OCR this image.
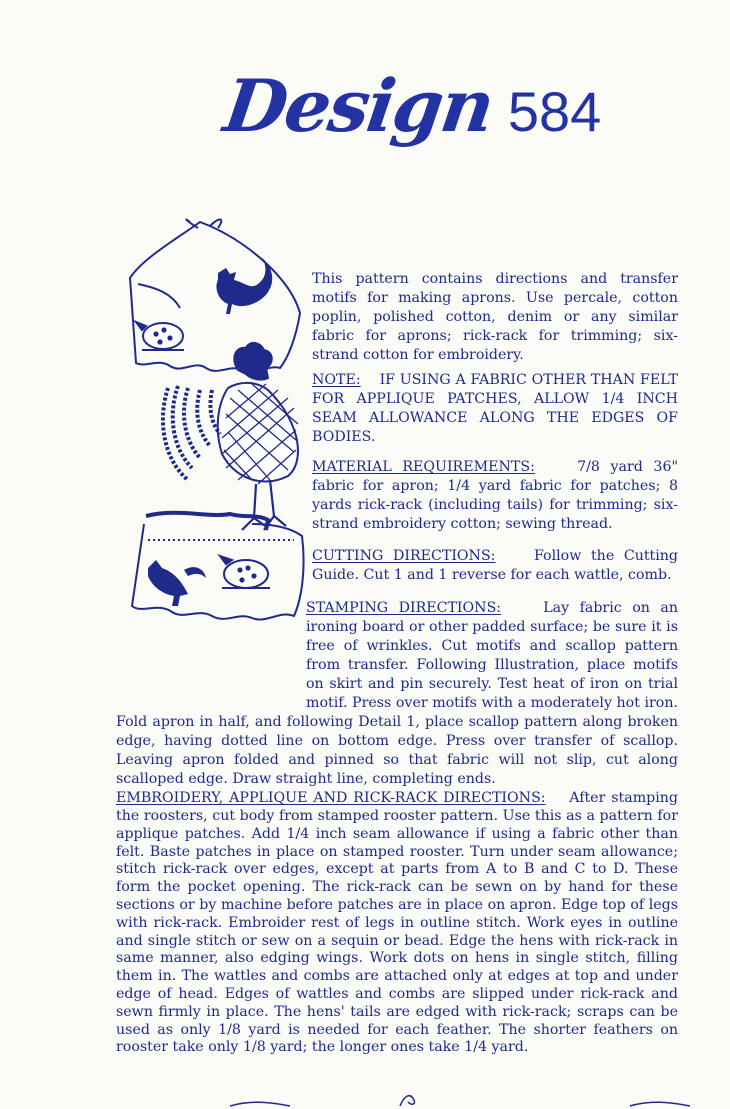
Design 584

This pattern contains directions and transfer motifs for making aprons. Use percale, cotton poplin, polished cotton, denim or any similar fabric for aprons; rick-rack for trimming; six-strand cotton for embroidery.

NOTE: IF USING A FABRIC OTHER THAN FELT FOR APPLIQUE PATCHES, ALLOW 1/4 INCH SEAM ALLOWANCE ALONG THE EDGES OF BODIES.

MATERIAL REQUIREMENTS:	7/8 yard 36" fabric for apron; 1/4 yard fabric for patches; 8 yards rick-rack (including tails) for trimming; six-strand embroidery cotton; sewing thread.

CUTTING DIRECTIONS:	Follow the Cutting Guide. Cut 1 and 1 reverse for each wattle, comb.

STAMPING DIRECTIONS:	Lay fabric on an ironing board or other padded surface; be sure it is free of wrinkles. Cut motifs and scallop pattern from transfer. Following Illustration, place motifs on skirt and pin securely. Test heat of iron on trial motif. Press over motifs with a moderately hot iron. Fold apron in half, and following Detail 1, place scallop pattern along broken edge, having dotted line on bottom edge. Press over transfer of scallop. Leaving apron folded and pinned so that fabric will not slip, cut along scalloped edge. Draw straight line, completing ends.

EMBROIDERY, APPLIQUE AND RICK-RACK DIRECTIONS: After stamping the roosters, cut body from stamped rooster pattern. Use this as a pattern for applique patches. Add 1/4 inch seam allowance if using a fabric other than felt. Baste patches in place on stamped rooster. Turn under seam allowance; stitch rick-rack over edges, except at parts from A to B and C to D. These form the pocket opening. The rick-rack can be sewn on by hand for these sections or by machine before patches are in place on apron. Edge top of legs with rick-rack. Embroider rest of legs in outline stitch. Work eyes in outline and single stitch or sew on a sequin or bead. Edge the hens with rick-rack in same manner, also edging wings. Work dots on hens in single stitch, filling them in. The wattles and combs are attached only at edges at top and under edge of head. Edges of wattles and combs are slipped under rick-rack and sewn firmly in place. The hens' tails are edged with rick-rack; scraps can be used as only 1/8 yard is needed for each feather. The shorter feathers on rooster take only 1/8 yard; the longer ones take 1/4 yard.
